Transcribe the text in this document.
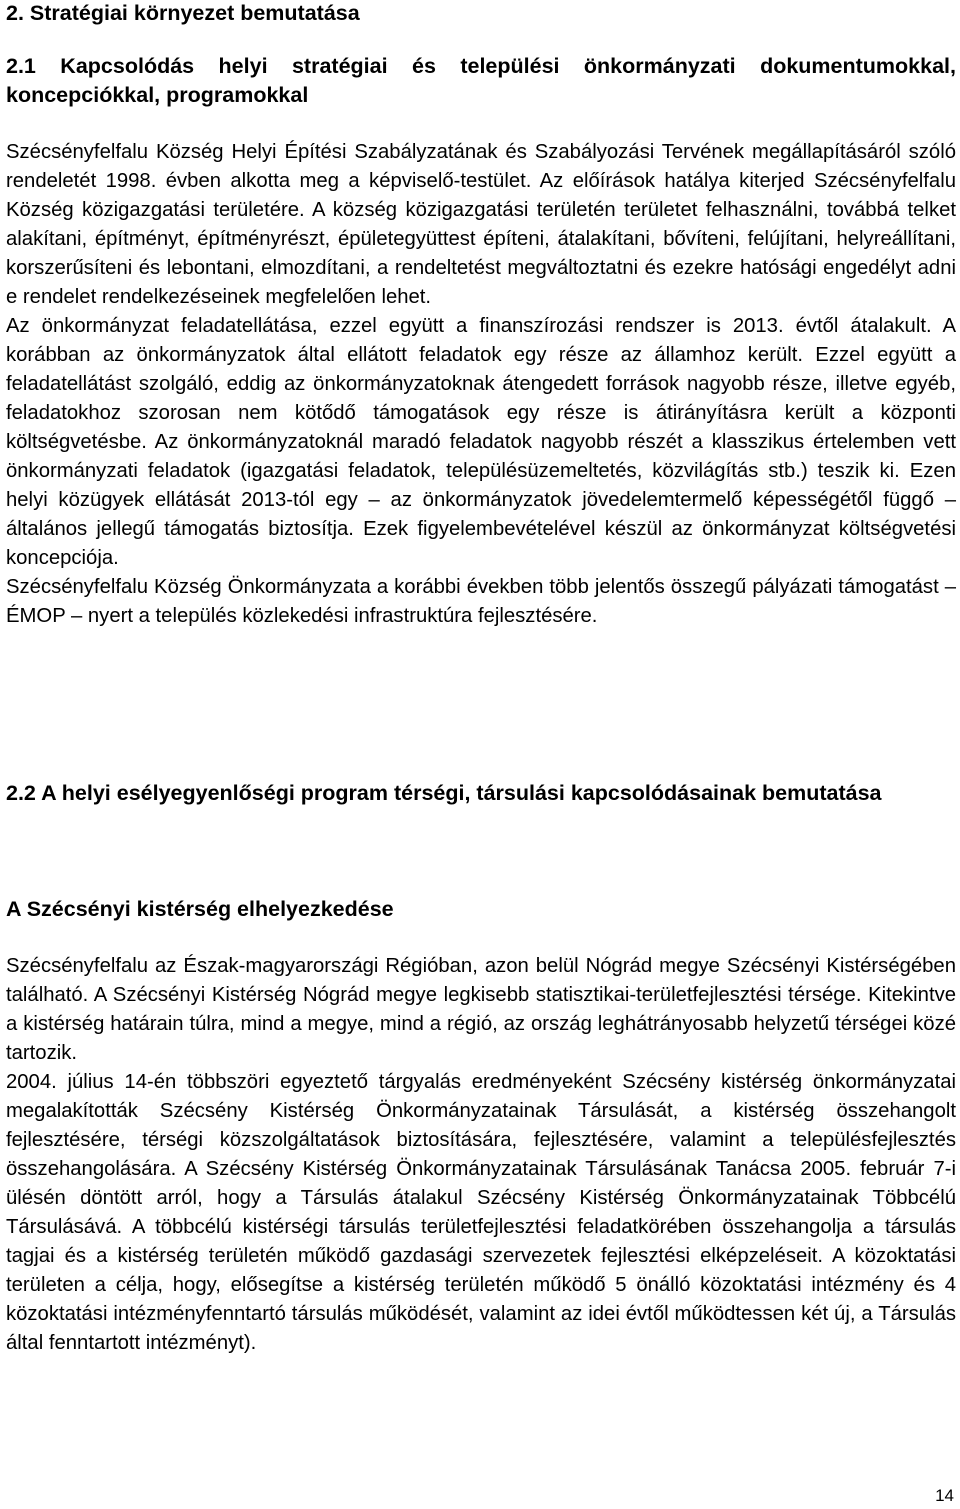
2. Stratégiai környezet bemutatása
2.1 Kapcsolódás helyi stratégiai és települési önkormányzati dokumentumokkal, koncepciókkal, programokkal

Szécsényfelfalu Község Helyi Építési Szabályzatának és Szabályozási Tervének megállapításáról szóló rendeletét 1998. évben alkotta meg a képviselő-testület. Az előírások hatálya kiterjed Szécsényfelfalu Község közigazgatási területére. A község közigazgatási területén területet felhasználni, továbbá telket alakítani, építményt, építményrészt, épületegyüttest építeni, átalakítani, bővíteni, felújítani, helyreállítani, korszerűsíteni és lebontani, elmozdítani, a rendeltetést megváltoztatni és ezekre hatósági engedélyt adni e rendelet rendelkezéseinek megfelelően lehet.

Az önkormányzat feladatellátása, ezzel együtt a finanszírozási rendszer is 2013. évtől átalakult. A korábban az önkormányzatok által ellátott feladatok egy része az államhoz került. Ezzel együtt a feladatellátást szolgáló, eddig az önkormányzatoknak átengedett források nagyobb része, illetve egyéb, feladatokhoz szorosan nem kötődő támogatások egy része is átirányításra került a központi költségvetésbe. Az önkormányzatoknál maradó feladatok nagyobb részét a klasszikus értelemben vett önkormányzati feladatok (igazgatási feladatok, településüzemeltetés, közvilágítás stb.) teszik ki. Ezen helyi közügyek ellátását 2013-tól egy – az önkormányzatok jövedelemtermelő képességétől függő – általános jellegű támogatás biztosítja. Ezek figyelembevételével készül az önkormányzat költségvetési koncepciója.

Szécsényfelfalu Község Önkormányzata a korábbi években több jelentős összegű pályázati támogatást – ÉMOP – nyert a település közlekedési infrastruktúra fejlesztésére.

2.2 A helyi esélyegyenlőségi program térségi, társulási kapcsolódásainak bemutatása
A Szécsényi kistérség elhelyezkedése

Szécsényfelfalu az Észak-magyarországi Régióban, azon belül Nógrád megye Szécsényi Kistérségében található. A Szécsényi Kistérség Nógrád megye legkisebb statisztikai-területfejlesztési térsége. Kitekintve a kistérség határain túlra, mind a megye, mind a régió, az ország leghátrányosabb helyzetű térségei közé tartozik.

2004. július 14-én többszöri egyeztető tárgyalás eredményeként Szécsény kistérség önkormányzatai megalakították Szécsény Kistérség Önkormányzatainak Társulását, a kistérség összehangolt fejlesztésére, térségi közszolgáltatások biztosítására, fejlesztésére, valamint a településfejlesztés összehangolására. A Szécsény Kistérség Önkormányzatainak Társulásának Tanácsa 2005. február 7-i ülésén döntött arról, hogy a Társulás átalakul Szécsény Kistérség Önkormányzatainak Többcélú Társulásává. A többcélú kistérségi társulás területfejlesztési feladatkörében összehangolja a társulás tagjai és a kistérség területén működő gazdasági szervezetek fejlesztési elképzeléseit. A közoktatási területen a célja, hogy, elősegítse a kistérség területén működő 5 önálló közoktatási intézmény és 4 közoktatási intézményfenntartó társulás működését, valamint az idei évtől működtessen két új, a Társulás által fenntartott intézményt).

14
